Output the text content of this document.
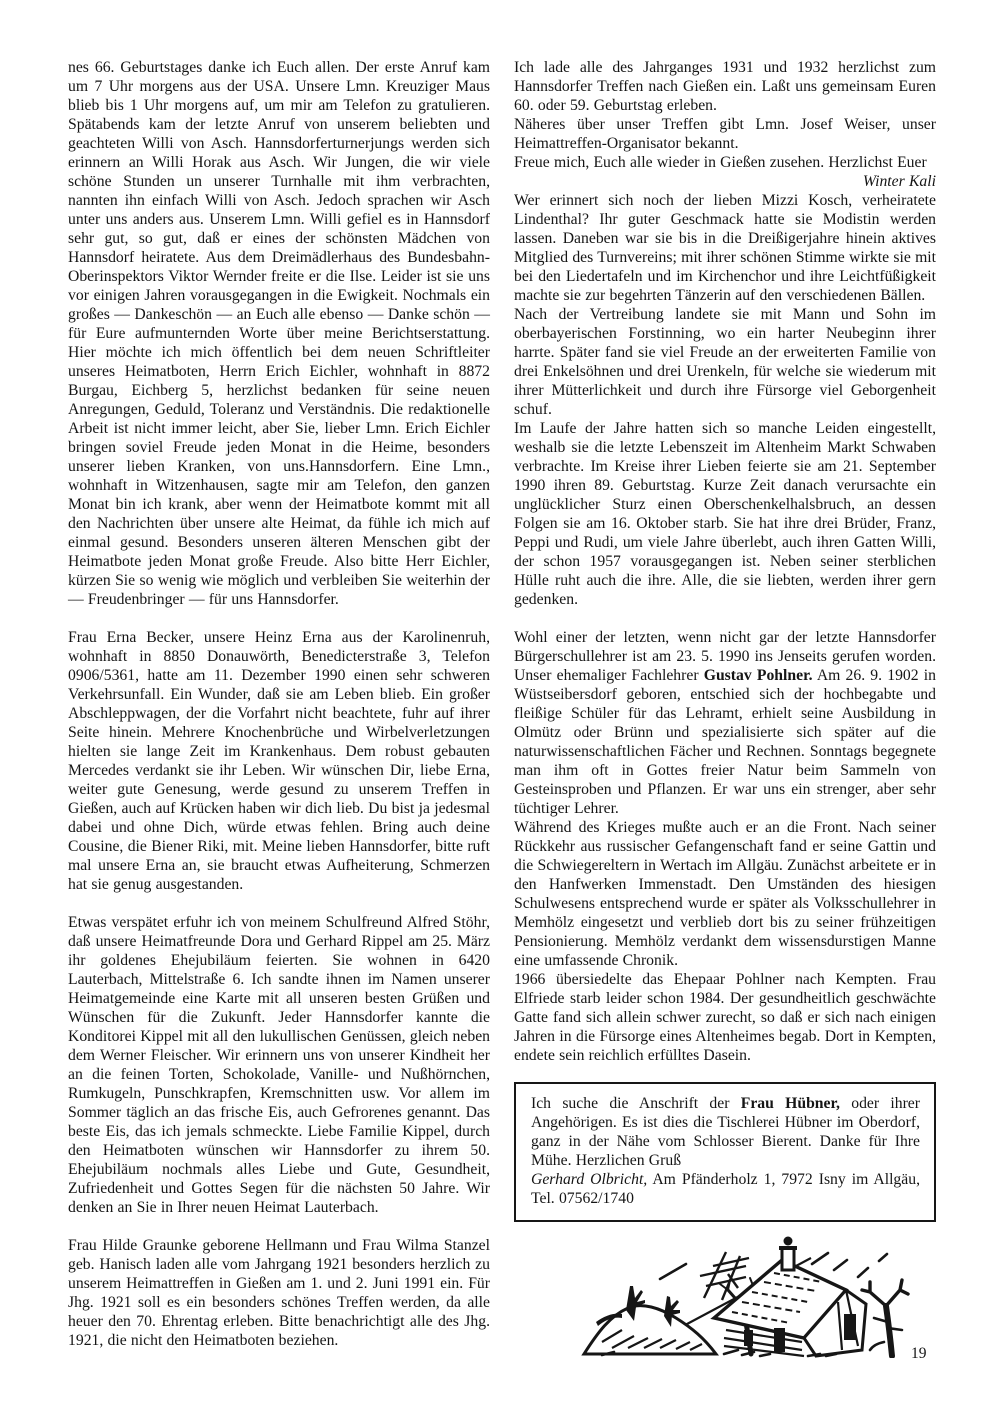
nes 66. Geburtstages danke ich Euch allen. Der erste Anruf kam um 7 Uhr morgens aus der USA. Unsere Lmn. Kreuziger Maus blieb bis 1 Uhr morgens auf, um mir am Telefon zu gratulieren. Spätabends kam der letzte Anruf von unserem beliebten und geachteten Willi von Asch. Hannsdorferturnerjungs werden sich erinnern an Willi Horak aus Asch. Wir Jungen, die wir viele schöne Stunden un unserer Turnhalle mit ihm verbrachten, nannten ihn einfach Willi von Asch. Jedoch sprachen wir Asch unter uns anders aus. Unserem Lmn. Willi gefiel es in Hannsdorf sehr gut, so gut, daß er eines der schönsten Mädchen von Hannsdorf heiratete. Aus dem Dreimädlerhaus des Bundesbahn-Oberinspektors Viktor Wernder freite er die Ilse. Leider ist sie uns vor einigen Jahren vorausgegangen in die Ewigkeit. Nochmals ein großes — Dankeschön — an Euch alle ebenso — Danke schön — für Eure aufmunternden Worte über meine Berichtserstattung. Hier möchte ich mich öffentlich bei dem neuen Schriftleiter unseres Heimatboten, Herrn Erich Eichler, wohnhaft in 8872 Burgau, Eichberg 5, herzlichst bedanken für seine neuen Anregungen, Geduld, Toleranz und Verständnis. Die redaktionelle Arbeit ist nicht immer leicht, aber Sie, lieber Lmn. Erich Eichler bringen soviel Freude jeden Monat in die Heime, besonders unserer lieben Kranken, von uns.Hannsdorfern. Eine Lmn., wohnhaft in Witzenhausen, sagte mir am Telefon, den ganzen Monat bin ich krank, aber wenn der Heimatbote kommt mit all den Nachrichten über unsere alte Heimat, da fühle ich mich auf einmal gesund. Besonders unseren älteren Menschen gibt der Heimatbote jeden Monat große Freude. Also bitte Herr Eichler, kürzen Sie so wenig wie möglich und verbleiben Sie weiterhin der — Freudenbringer — für uns Hannsdorfer.

Frau Erna Becker, unsere Heinz Erna aus der Karolinenruh, wohnhaft in 8850 Donauwörth, Benedicterstraße 3, Telefon 0906/5361, hatte am 11. Dezember 1990 einen sehr schweren Verkehrsunfall. Ein Wunder, daß sie am Leben blieb. Ein großer Abschleppwagen, der die Vorfahrt nicht beachtete, fuhr auf ihrer Seite hinein. Mehrere Knochenbrüche und Wirbelverletzungen hielten sie lange Zeit im Krankenhaus. Dem robust gebauten Mercedes verdankt sie ihr Leben. Wir wünschen Dir, liebe Erna, weiter gute Genesung, werde gesund zu unserem Treffen in Gießen, auch auf Krücken haben wir dich lieb. Du bist ja jedesmal dabei und ohne Dich, würde etwas fehlen. Bring auch deine Cousine, die Biener Riki, mit. Meine lieben Hannsdorfer, bitte ruft mal unsere Erna an, sie braucht etwas Aufheiterung, Schmerzen hat sie genug ausgestanden.

Etwas verspätet erfuhr ich von meinem Schulfreund Alfred Stöhr, daß unsere Heimatfreunde Dora und Gerhard Rippel am 25. März ihr goldenes Ehejubiläum feierten. Sie wohnen in 6420 Lauterbach, Mittelstraße 6. Ich sandte ihnen im Namen unserer Heimatgemeinde eine Karte mit all unseren besten Grüßen und Wünschen für die Zukunft. Jeder Hannsdorfer kannte die Konditorei Kippel mit all den lukullischen Genüssen, gleich neben dem Werner Fleischer. Wir erinnern uns von unserer Kindheit her an die feinen Torten, Schokolade, Vanille- und Nußhörnchen, Rumkugeln, Punschkrapfen, Kremschnitten usw. Vor allem im Sommer täglich an das frische Eis, auch Gefrorenes genannt. Das beste Eis, das ich jemals schmeckte. Liebe Familie Kippel, durch den Heimatboten wünschen wir Hannsdorfer zu ihrem 50. Ehejubiläum nochmals alles Liebe und Gute, Gesundheit, Zufriedenheit und Gottes Segen für die nächsten 50 Jahre. Wir denken an Sie in Ihrer neuen Heimat Lauterbach.

Frau Hilde Graunke geborene Hellmann und Frau Wilma Stanzel geb. Hanisch laden alle vom Jahrgang 1921 besonders herzlich zu unserem Heimattreffen in Gießen am 1. und 2. Juni 1991 ein. Für Jhg. 1921 soll es ein besonders schönes Treffen werden, da alle heuer den 70. Ehrentag erleben. Bitte benachrichtigt alle des Jhg. 1921, die nicht den Heimatboten beziehen.

Ich lade alle des Jahrganges 1931 und 1932 herzlichst zum Hannsdorfer Treffen nach Gießen ein. Laßt uns gemeinsam Euren 60. oder 59. Geburtstag erleben.

Näheres über unser Treffen gibt Lmn. Josef Weiser, unser Heimattreffen-Organisator bekannt.

Freue mich, Euch alle wieder in Gießen zusehen. Herzlichst Euer
Winter Kali

Wer erinnert sich noch der lieben Mizzi Kosch, verheiratete Lindenthal? Ihr guter Geschmack hatte sie Modistin werden lassen. Daneben war sie bis in die Dreißigerjahre hinein aktives Mitglied des Turnvereins; mit ihrer schönen Stimme wirkte sie mit bei den Liedertafeln und im Kirchenchor und ihre Leichtfüßigkeit machte sie zur begehrten Tänzerin auf den verschiedenen Bällen.

Nach der Vertreibung landete sie mit Mann und Sohn im oberbayerischen Forstinning, wo ein harter Neubeginn ihrer harrte. Später fand sie viel Freude an der erweiterten Familie von drei Enkelsöhnen und drei Urenkeln, für welche sie wiederum mit ihrer Mütterlichkeit und durch ihre Fürsorge viel Geborgenheit schuf.

Im Laufe der Jahre hatten sich so manche Leiden eingestellt, weshalb sie die letzte Lebenszeit im Altenheim Markt Schwaben verbrachte. Im Kreise ihrer Lieben feierte sie am 21. September 1990 ihren 89. Geburtstag. Kurze Zeit danach verursachte ein unglücklicher Sturz einen Oberschenkelhalsbruch, an dessen Folgen sie am 16. Oktober starb. Sie hat ihre drei Brüder, Franz, Peppi und Rudi, um viele Jahre überlebt, auch ihren Gatten Willi, der schon 1957 vorausgegangen ist. Neben seiner sterblichen Hülle ruht auch die ihre. Alle, die sie liebten, werden ihrer gern gedenken.

Wohl einer der letzten, wenn nicht gar der letzte Hannsdorfer Bürgerschullehrer ist am 23. 5. 1990 ins Jenseits gerufen worden. Unser ehemaliger Fachlehrer Gustav Pohlner. Am 26. 9. 1902 in Wüstseibersdorf geboren, entschied sich der hochbegabte und fleißige Schüler für das Lehramt, erhielt seine Ausbildung in Olmütz oder Brünn und spezialisierte sich später auf die naturwissenschaftlichen Fächer und Rechnen. Sonntags begegnete man ihm oft in Gottes freier Natur beim Sammeln von Gesteinsproben und Pflanzen. Er war uns ein strenger, aber sehr tüchtiger Lehrer.

Während des Krieges mußte auch er an die Front. Nach seiner Rückkehr aus russischer Gefangenschaft fand er seine Gattin und die Schwiegereltern in Wertach im Allgäu. Zunächst arbeitete er in den Hanfwerken Immenstadt. Den Umständen des hiesigen Schulwesens entsprechend wurde er später als Volksschullehrer in Memhölz eingesetzt und verblieb dort bis zu seiner frühzeitigen Pensionierung. Memhölz verdankt dem wissensdurstigen Manne eine umfassende Chronik.

1966 übersiedelte das Ehepaar Pohlner nach Kempten. Frau Elfriede starb leider schon 1984. Der gesundheitlich geschwächte Gatte fand sich allein schwer zurecht, so daß er sich nach einigen Jahren in die Fürsorge eines Altenheimes begab. Dort in Kempten, endete sein reichlich erfülltes Dasein.

Ich suche die Anschrift der Frau Hübner, oder ihrer Angehörigen. Es ist dies die Tischlerei Hübner im Oberdorf, ganz in der Nähe vom Schlosser Bierent. Danke für Ihre Mühe. Herzlichen Gruß

Gerhard Olbricht, Am Pfänderholz 1, 7972 Isny im Allgäu, Tel. 07562/1740

19
